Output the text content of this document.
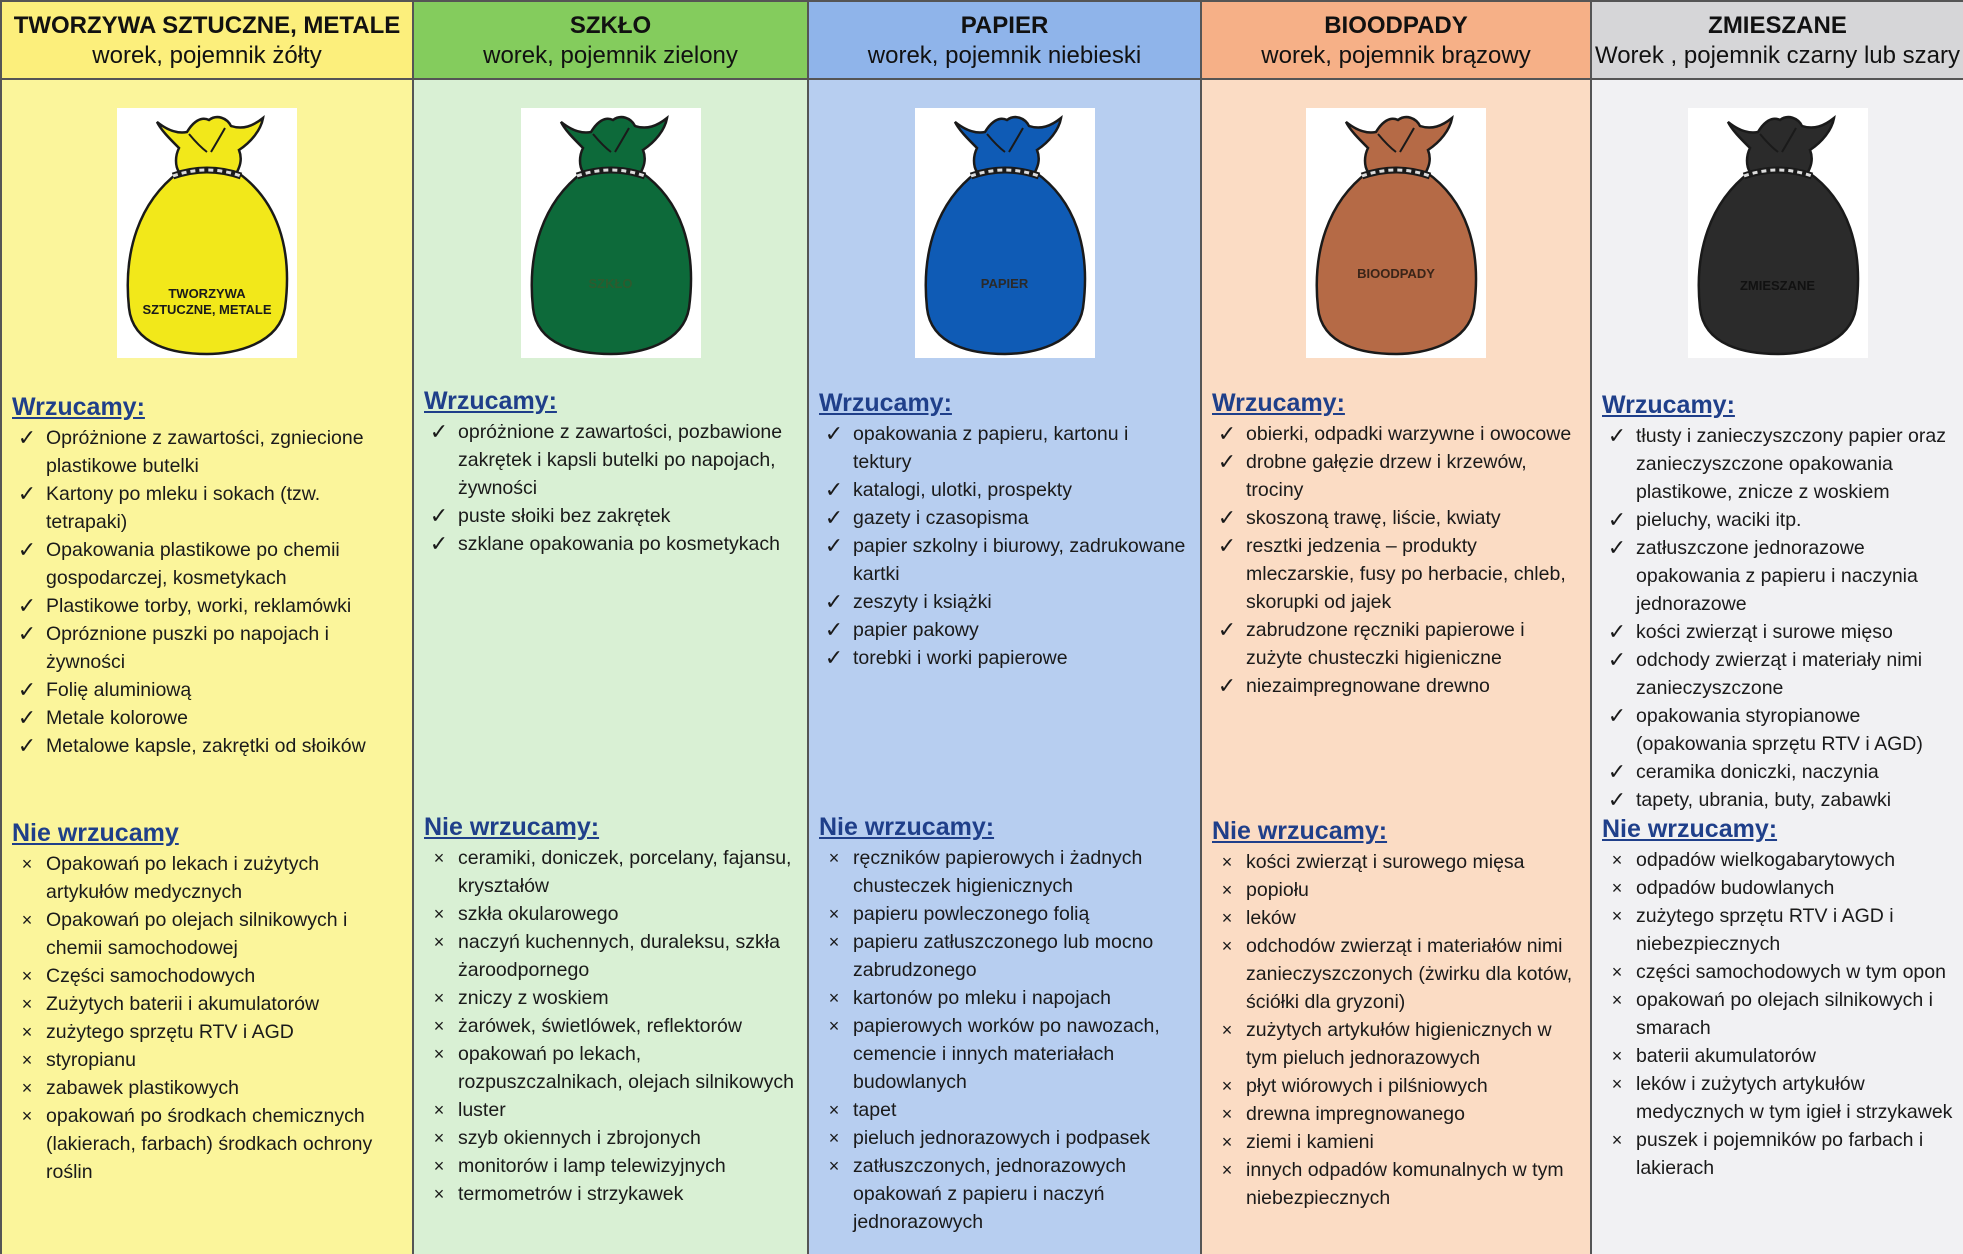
TWORZYWA SZTUCZNE, METALE
worek, pojemnik żółty
TWORZYWA SZTUCZNE, METALE
Wrzucamy:
✓ Opróżnione z zawartości, zgniecione plastikowe butelki
✓ Kartony po mleku i sokach (tzw. tetrapaki)
✓ Opakowania plastikowe po chemii gospodarczej, kosmetykach
✓ Plastikowe torby, worki, reklamówki
✓ Opróznione puszki po napojach i żywności
✓ Folię aluminiową
✓ Metale kolorowe
✓ Metalowe kapsle, zakrętki od słoików
Nie wrzucamy
× Opakowań po lekach i zużytych artykułów medycznych
× Opakowań po olejach silnikowych i chemii samochodowej
× Części samochodowych
× Zużytych baterii i akumulatorów
× zużytego sprzętu RTV i AGD
× styropianu
× zabawek plastikowych
× opakowań po środkach chemicznych (lakierach, farbach) środkach ochrony roślin
SZKŁO
worek, pojemnik zielony
SZKŁO
Wrzucamy:
✓ opróżnione z zawartości, pozbawione zakrętek i kapsli butelki po napojach, żywności
✓ puste słoiki bez zakrętek
✓ szklane opakowania po kosmetykach
Nie wrzucamy:
× ceramiki, doniczek, porcelany, fajansu, kryształów
× szkła okularowego
× naczyń kuchennych, duraleksu, szkła żaroodpornego
× zniczy z woskiem
× żarówek, świetlówek, reflektorów
× opakowań po lekach, rozpuszczalnikach, olejach silnikowych
× luster
× szyb okiennych i zbrojonych
× monitorów i lamp telewizyjnych
× termometrów i strzykawek
PAPIER
worek, pojemnik niebieski
PAPIER
Wrzucamy:
✓ opakowania z papieru, kartonu i tektury
✓ katalogi, ulotki, prospekty
✓ gazety i czasopisma
✓ papier szkolny i biurowy, zadrukowane kartki
✓ zeszyty i książki
✓ papier pakowy
✓ torebki i worki papierowe
Nie wrzucamy:
× ręczników papierowych i żadnych chusteczek higienicznych
× papieru powleczonego folią
× papieru zatłuszczonego lub mocno zabrudzonego
× kartonów po mleku i napojach
× papierowych worków po nawozach, cemencie i innych materiałach budowlanych
× tapet
× pieluch jednorazowych i podpasek
× zatłuszczonych, jednorazowych opakowań z papieru i naczyń jednorazowych
BIOODPADY
worek, pojemnik brązowy
BIOODPADY
Wrzucamy:
✓ obierki, odpadki warzywne i owocowe
✓ drobne gałęzie drzew i krzewów, trociny
✓ skoszoną trawę, liście, kwiaty
✓ resztki jedzenia – produkty mleczarskie, fusy po herbacie, chleb, skorupki od jajek
✓ zabrudzone ręczniki papierowe i zużyte chusteczki higieniczne
✓ niezaimpregnowane drewno
Nie wrzucamy:
× kości zwierząt i surowego mięsa
× popiołu
× leków
× odchodów zwierząt i materiałów nimi zanieczyszczonych (żwirku dla kotów, ściółki dla gryzoni)
× zużytych artykułów higienicznych w tym pieluch jednorazowych
× płyt wiórowych i pilśniowych
× drewna impregnowanego
× ziemi i kamieni
× innych odpadów komunalnych w tym niebezpiecznych
ZMIESZANE
Worek , pojemnik czarny lub szary
ZMIESZANE
Wrzucamy:
✓ tłusty i zanieczyszczony papier oraz zanieczyszczone opakowania plastikowe, znicze z woskiem
✓ pieluchy, waciki itp.
✓ zatłuszczone jednorazowe opakowania z papieru i naczynia jednorazowe
✓ kości zwierząt i surowe mięso
✓ odchody zwierząt i materiały nimi zanieczyszczone
✓ opakowania styropianowe (opakowania sprzętu RTV i AGD)
✓ ceramika doniczki, naczynia
✓ tapety, ubrania, buty, zabawki
Nie wrzucamy:
× odpadów wielkogabarytowych
× odpadów budowlanych
× zużytego sprzętu RTV i AGD i niebezpiecznych
× części samochodowych w tym opon
× opakowań po olejach silnikowych i smarach
× baterii akumulatorów
× leków i zużytych artykułów medycznych w tym igieł i strzykawek
× puszek i pojemników po farbach i lakierach
